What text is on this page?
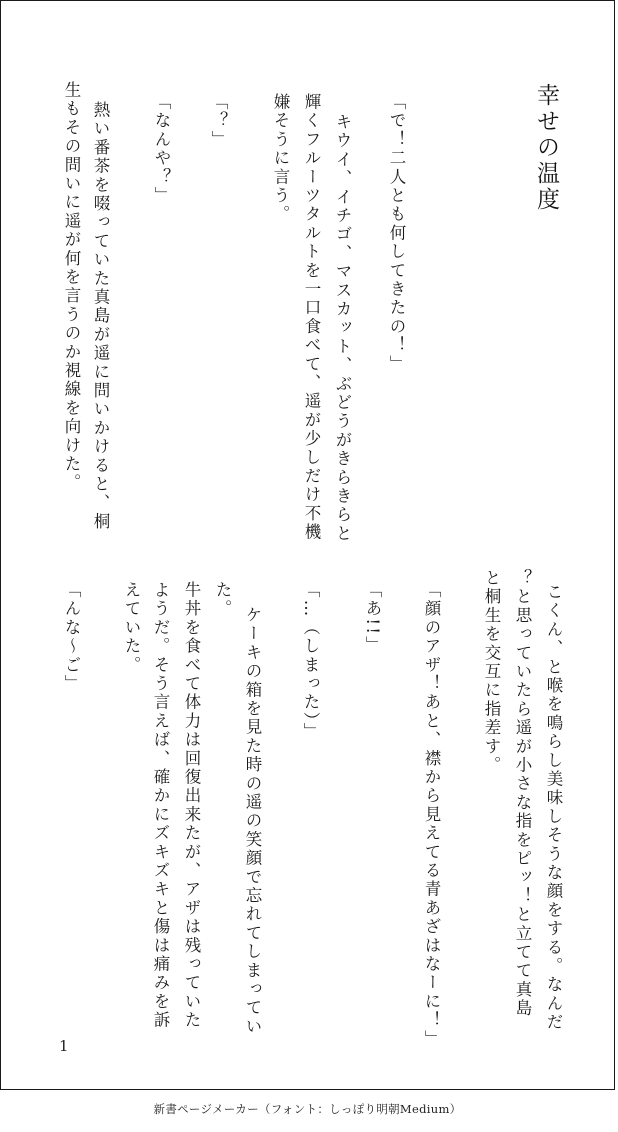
幸せの温度
「で！二人とも何してきたの！」
キウイ、イチゴ、マスカット、ぶどうがきらきらと
輝くフルーツタルトを一口食べて、遥が少しだけ不機
嫌そうに言う。
「？」
「なんや？」
熱い番茶を啜っていた真島が遥に問いかけると、桐
生もその問いに遥が何を言うのか視線を向けた。
こくん、と喉を鳴らし美味しそうな顔をする。なんだ
？と思っていたら遥が小さな指をピッ！と立てて真島
と桐生を交互に指差す。
「顔のアザ！あと、襟から見えてる青あざはなーに！」
「あ!!」
「…（しまった）」
ケーキの箱を見た時の遥の笑顔で忘れてしまってい
た。
牛丼を食べて体力は回復出来たが、アザは残っていた
ようだ。そう言えば、確かにズキズキと傷は痛みを訴
えていた。
「んな～ご」
1
新書ページメーカー（フォント：しっぽり明朝Medium）
